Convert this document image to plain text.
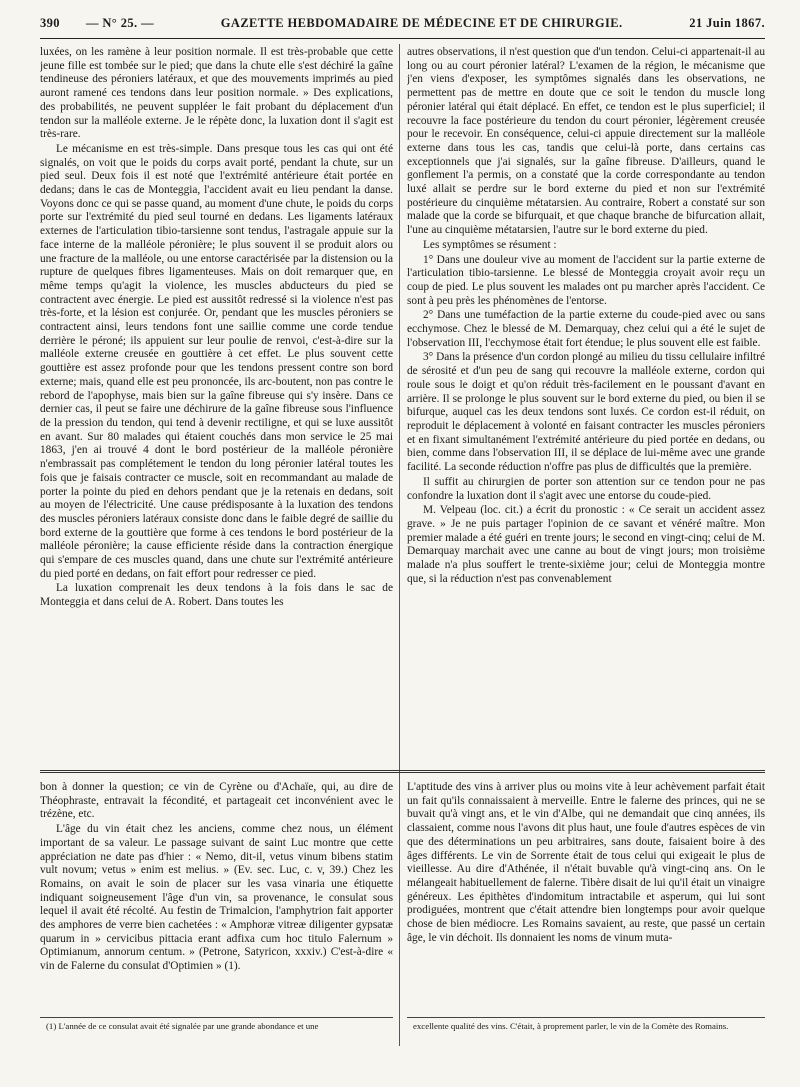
390 — N° 25. —	GAZETTE HEBDOMADAIRE DE MÉDECINE ET DE CHIRURGIE.	21 Juin 1867.

luxées, on les ramène à leur position normale. Il est très-probable que cette jeune fille est tombée sur le pied; que dans la chute elle s'est déchiré la gaîne tendineuse des péroniers latéraux, et que des mouvements imprimés au pied auront ramené ces tendons dans leur position normale. » Des explications, des probabilités, ne peuvent suppléer le fait probant du déplacement d'un tendon sur la malléole externe. Je le répète donc, la luxation dont il s'agit est très-rare.

Le mécanisme en est très-simple. Dans presque tous les cas qui ont été signalés, on voit que le poids du corps avait porté, pendant la chute, sur un pied seul. Deux fois il est noté que l'extrémité antérieure était portée en dedans; dans le cas de Monteggia, l'accident avait eu lieu pendant la danse. Voyons donc ce qui se passe quand, au moment d'une chute, le poids du corps porte sur l'extrémité du pied seul tourné en dedans. Les ligaments latéraux externes de l'articulation tibio-tarsienne sont tendus, l'astragale appuie sur la face interne de la malléole péronière; le plus souvent il se produit alors ou une fracture de la malléole, ou une entorse caractérisée par la distension ou la rupture de quelques fibres ligamenteuses. Mais on doit remarquer que, en même temps qu'agit la violence, les muscles abducteurs du pied se contractent avec énergie. Le pied est aussitôt redressé si la violence n'est pas très-forte, et la lésion est conjurée. Or, pendant que les muscles péroniers se contractent ainsi, leurs tendons font une saillie comme une corde tendue derrière le péroné; ils appuient sur leur poulie de renvoi, c'est-à-dire sur la malléole externe creusée en gouttière à cet effet. Le plus souvent cette gouttière est assez profonde pour que les tendons pressent contre son bord externe; mais, quand elle est peu prononcée, ils arc-boutent, non pas contre le rebord de l'apophyse, mais bien sur la gaîne fibreuse qui s'y insère. Dans ce dernier cas, il peut se faire une déchirure de la gaîne fibreuse sous l'influence de la pression du tendon, qui tend à devenir rectiligne, et qui se luxe aussitôt en avant. Sur 80 malades qui étaient couchés dans mon service le 25 mai 1863, j'en ai trouvé 4 dont le bord postérieur de la malléole péronière n'embrassait pas complétement le tendon du long péronier latéral toutes les fois que je faisais contracter ce muscle, soit en recommandant au malade de porter la pointe du pied en dehors pendant que je la retenais en dedans, soit au moyen de l'électricité. Une cause prédisposante à la luxation des tendons des muscles péroniers latéraux consiste donc dans le faible degré de saillie du bord externe de la gouttière que forme à ces tendons le bord postérieur de la malléole péronière; la cause efficiente réside dans la contraction énergique qui s'empare de ces muscles quand, dans une chute sur l'extrémité antérieure du pied porté en dedans, on fait effort pour redresser ce pied.

La luxation comprenait les deux tendons à la fois dans le sac de Monteggia et dans celui de A. Robert. Dans toutes les

autres observations, il n'est question que d'un tendon. Celui-ci appartenait-il au long ou au court péronier latéral? L'examen de la région, le mécanisme que j'en viens d'exposer, les symptômes signalés dans les observations, ne permettent pas de mettre en doute que ce soit le tendon du muscle long péronier latéral qui était déplacé. En effet, ce tendon est le plus superficiel; il recouvre la face postérieure du tendon du court péronier, légèrement creusée pour le recevoir. En conséquence, celui-ci appuie directement sur la malléole externe dans tous les cas, tandis que celui-là porte, dans certains cas exceptionnels que j'ai signalés, sur la gaîne fibreuse. D'ailleurs, quand le gonflement l'a permis, on a constaté que la corde correspondante au tendon luxé allait se perdre sur le bord externe du pied et non sur l'extrémité postérieure du cinquième métatarsien. Au contraire, Robert a constaté sur son malade que la corde se bifurquait, et que chaque branche de bifurcation allait, l'une au cinquième métatarsien, l'autre sur le bord externe du pied.

Les symptômes se résument :

1° Dans une douleur vive au moment de l'accident sur la partie externe de l'articulation tibio-tarsienne. Le blessé de Monteggia croyait avoir reçu un coup de pied. Le plus souvent les malades ont pu marcher après l'accident. Ce sont à peu près les phénomènes de l'entorse.

2° Dans une tuméfaction de la partie externe du coude-pied avec ou sans ecchymose. Chez le blessé de M. Demarquay, chez celui qui a été le sujet de l'observation III, l'ecchymose était fort étendue; le plus souvent elle est faible.

3° Dans la présence d'un cordon plongé au milieu du tissu cellulaire infiltré de sérosité et d'un peu de sang qui recouvre la malléole externe, cordon qui roule sous le doigt et qu'on réduit très-facilement en le poussant d'avant en arrière. Il se prolonge le plus souvent sur le bord externe du pied, ou bien il se bifurque, auquel cas les deux tendons sont luxés. Ce cordon est-il réduit, on reproduit le déplacement à volonté en faisant contracter les muscles péroniers et en fixant simultanément l'extrémité antérieure du pied portée en dedans, ou bien, comme dans l'observation III, il se déplace de lui-même avec une grande facilité. La seconde réduction n'offre pas plus de difficultés que la première.

Il suffit au chirurgien de porter son attention sur ce tendon pour ne pas confondre la luxation dont il s'agit avec une entorse du coude-pied.

M. Velpeau (loc. cit.) a écrit du pronostic : « Ce serait un accident assez grave. » Je ne puis partager l'opinion de ce savant et vénéré maître. Mon premier malade a été guéri en trente jours; le second en vingt-cinq; celui de M. Demarquay marchait avec une canne au bout de vingt jours; mon troisième malade n'a plus souffert le trente-sixième jour; celui de Monteggia montre que, si la réduction n'est pas convenablement

bon à donner la question; ce vin de Cyrène ou d'Achaïe, qui, au dire de Théophraste, entravait la fécondité, et partageait cet inconvénient avec le trézène, etc.

L'âge du vin était chez les anciens, comme chez nous, un élément important de sa valeur. Le passage suivant de saint Luc montre que cette appréciation ne date pas d'hier : « Nemo, dit-il, vetus vinum bibens statim vult novum; vetus » enim est melius. » (Ev. sec. Luc, c. v, 39.) Chez les Romains, on avait le soin de placer sur les vasa vinaria une étiquette indiquant soigneusement l'âge d'un vin, sa provenance, le consulat sous lequel il avait été récolté. Au festin de Trimalcion, l'amphytrion fait apporter des amphores de verre bien cachetées : « Amphoræ vitreæ diligenter gypsatæ quarum in » cervicibus pittacia erant adfixa cum hoc titulo Falernum » Optimianum, annorum centum. » (Petrone, Satyricon, xxxiv.) C'est-à-dire « vin de Falerne du consulat d'Optimien » (1).

L'aptitude des vins à arriver plus ou moins vite à leur achèvement parfait était un fait qu'ils connaissaient à merveille. Entre le falerne des princes, qui ne se buvait qu'à vingt ans, et le vin d'Albe, qui ne demandait que cinq années, ils classaient, comme nous l'avons dit plus haut, une foule d'autres espèces de vin que des déterminations un peu arbitraires, sans doute, faisaient boire à des âges différents. Le vin de Sorrente était de tous celui qui exigeait le plus de vieillesse. Au dire d'Athénée, il n'était buvable qu'à vingt-cinq ans. On le mélangeait habituellement de falerne. Tibère disait de lui qu'il était un vinaigre généreux. Les épithètes d'indomitum intractabile et asperum, qui lui sont prodiguées, montrent que c'était attendre bien longtemps pour avoir quelque chose de bien médiocre. Les Romains savaient, au reste, que passé un certain âge, le vin déchoit. Ils donnaient les noms de vinum muta-

(1) L'année de ce consulat avait été signalée par une grande abondance et une	excellente qualité des vins. C'était, à proprement parler, le vin de la Comète des Romains.
